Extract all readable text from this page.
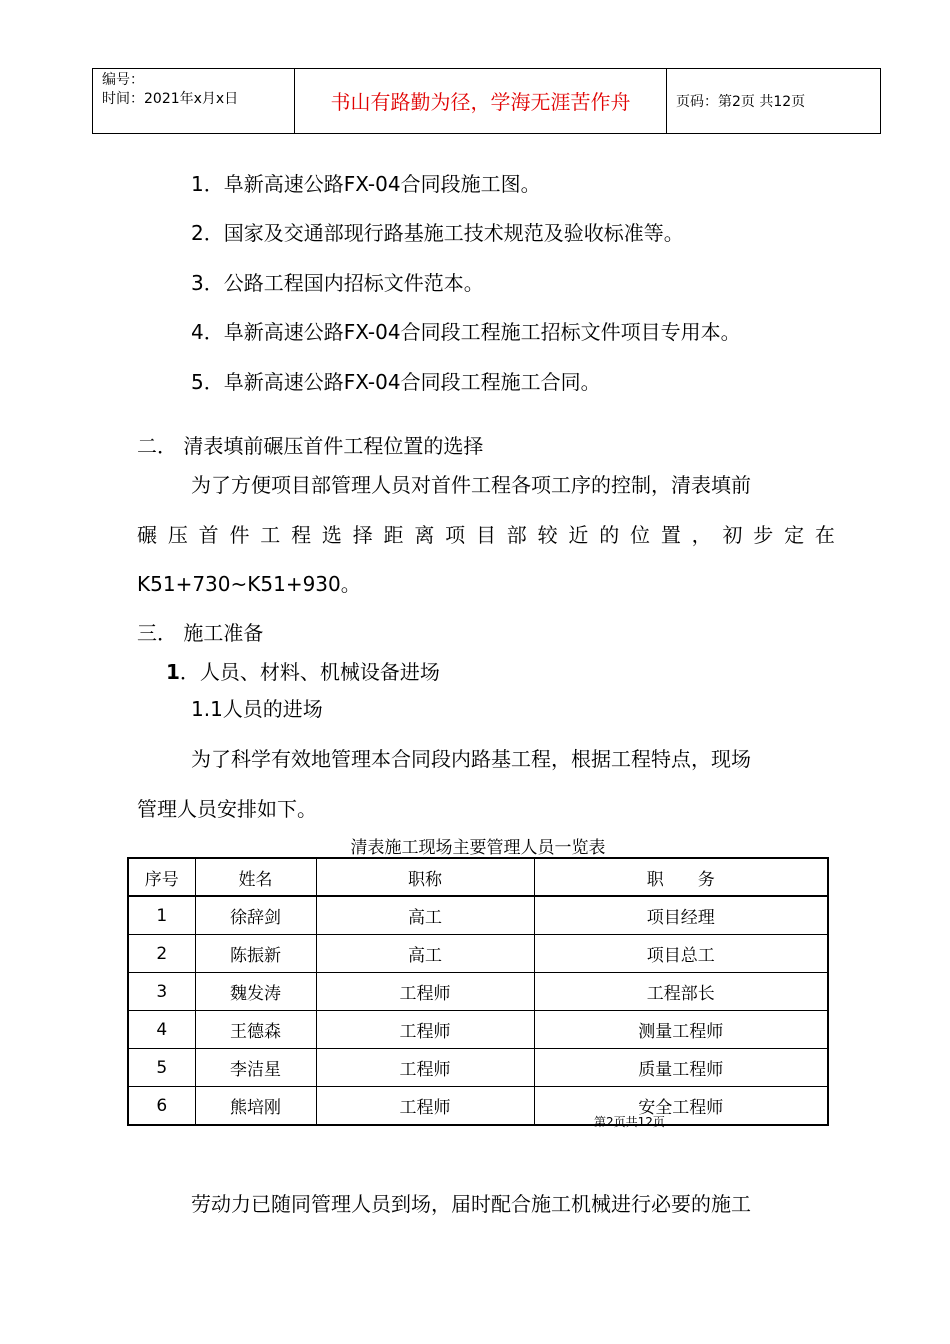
编号：
时间：2021年x月x日	书山有路勤为径，学海无涯苦作舟	页码：第2页 共12页
1．阜新高速公路FX-04合同段施工图。
2．国家及交通部现行路基施工技术规范及验收标准等。
3．公路工程国内招标文件范本。
4．阜新高速公路FX-04合同段工程施工招标文件项目专用本。
5．阜新高速公路FX-04合同段工程施工合同。
二． 清表填前碾压首件工程位置的选择
为了方便项目部管理人员对首件工程各项工序的控制，清表填前
碾 压 首 件 工 程 选 择 距 离 项 目 部 较 近 的 位 置 ， 初 步 定 在
K51+730~K51+930。
三． 施工准备
1．人员、材料、机械设备进场
1.1人员的进场
为了科学有效地管理本合同段内路基工程，根据工程特点，现场
管理人员安排如下。
清表施工现场主要管理人员一览表
序号	姓名	职称	职　　务
1	徐辞剑	高工	项目经理
2	陈振新	高工	项目总工
3	魏发涛	工程师	工程部长
4	王德森	工程师	测量工程师
5	李洁星	工程师	质量工程师
6	熊培刚	工程师	安全工程师
第2页共12页
劳动力已随同管理人员到场，届时配合施工机械进行必要的施工
